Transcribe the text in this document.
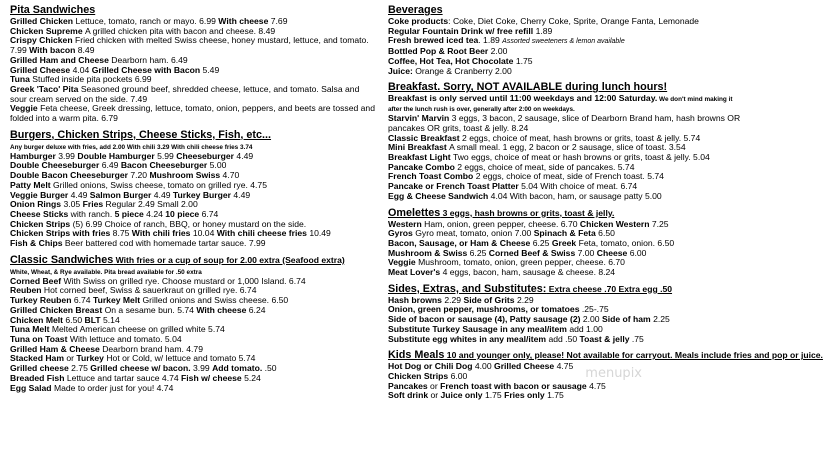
Pita Sandwiches
Grilled Chicken Lettuce, tomato, ranch or mayo. 6.99 With cheese 7.69
Chicken Supreme A grilled chicken pita with bacon and cheese. 8.49
Crispy Chicken Fried chicken with melted Swiss cheese, honey mustard, lettuce, and tomato. 7.99 With bacon 8.49
Grilled Ham and Cheese Dearborn ham. 6.49
Grilled Cheese 4.04 Grilled Cheese with Bacon 5.49
Tuna Stuffed inside pita pockets 6.99
Greek 'Taco' Pita Seasoned ground beef, shredded cheese, lettuce, and tomato. Salsa and sour cream served on the side. 7.49
Veggie Feta cheese, Greek dressing, lettuce, tomato, onion, peppers, and beets are tossed and folded into a warm pita. 6.79
Burgers, Chicken Strips, Cheese Sticks, Fish, etc...
Any burger deluxe with fries, add 2.00 With chili 3.29 With chili cheese fries 3.74
Hamburger 3.99 Double Hamburger 5.99 Cheeseburger 4.49
Double Cheeseburger 6.49 Bacon Cheeseburger 5.00
Double Bacon Cheeseburger 7.20 Mushroom Swiss 4.70
Patty Melt Grilled onions, Swiss cheese, tomato on grilled rye. 4.75
Veggie Burger 4.49 Salmon Burger 4.49 Turkey Burger 4.49
Onion Rings 3.05 Fries Regular 2.49 Small 2.00
Cheese Sticks with ranch. 5 piece 4.24 10 piece 6.74
Chicken Strips (5) 6.99 Choice of ranch, BBQ, or honey mustard on the side.
Chicken Strips with fries 8.75 With chili fries 10.04 With chili cheese fries 10.49
Fish & Chips Beer battered cod with homemade tartar sauce. 7.99
Classic Sandwiches With fries or a cup of soup for 2.00 extra (Seafood extra)
White, Wheat, & Rye available. Pita bread available for .50 extra
Corned Beef With Swiss on grilled rye. Choose mustard or 1,000 Island. 6.74
Reuben Hot corned beef, Swiss & sauerkraut on grilled rye. 6.74
Turkey Reuben 6.74 Turkey Melt Grilled onions and Swiss cheese. 6.50
Grilled Chicken Breast On a sesame bun. 5.74 With cheese 6.24
Chicken Melt 6.50 BLT 5.14
Tuna Melt Melted American cheese on grilled white 5.74
Tuna on Toast With lettuce and tomato. 5.04
Grilled Ham & Cheese Dearborn brand ham. 4.79
Stacked Ham or Turkey Hot or Cold, w/ lettuce and tomato 5.74
Grilled cheese 2.75 Grilled cheese w/ bacon. 3.99 Add tomato. .50
Breaded Fish Lettuce and tartar sauce 4.74 Fish w/ cheese 5.24
Egg Salad Made to order just for you! 4.74
Beverages
Coke products: Coke, Diet Coke, Cherry Coke, Sprite, Orange Fanta, Lemonade
Regular Fountain Drink w/ free refill 1.89
Fresh brewed iced tea. 1.89 Assorted sweeteners & lemon available
Bottled Pop & Root Beer 2.00
Coffee, Hot Tea, Hot Chocolate 1.75
Juice: Orange & Cranberry 2.00
Breakfast. Sorry, NOT AVAILABLE during lunch hours!
Breakfast is only served until 11:00 weekdays and 12:00 Saturday. We don't mind making it after the lunch rush is over, generally after 2:00 on weekdays.
Starvin' Marvin 3 eggs, 3 bacon, 2 sausage, slice of Dearborn Brand ham, hash browns OR pancakes OR grits, toast & jelly. 8.24
Classic Breakfast 2 eggs, choice of meat, hash browns or grits, toast & jelly. 5.74
Mini Breakfast A small meal. 1 egg, 2 bacon or 2 sausage, slice of toast. 3.54
Breakfast Light Two eggs, choice of meat or hash browns or grits, toast & jelly. 5.04
Pancake Combo 2 eggs, choice of meat, side of pancakes. 5.74
French Toast Combo 2 eggs, choice of meat, side of French toast. 5.74
Pancake or French Toast Platter 5.04 With choice of meat. 6.74
Egg & Cheese Sandwich 4.04 With bacon, ham, or sausage patty 5.00
Omelettes 3 eggs, hash browns or grits, toast & jelly.
Western Ham, onion, green pepper, cheese. 6.70 Chicken Western 7.25
Gyros Gyro meat, tomato, onion 7.00 Spinach & Feta 6.50
Bacon, Sausage, or Ham & Cheese 6.25 Greek Feta, tomato, onion. 6.50
Mushroom & Swiss 6.25 Corned Beef & Swiss 7.00 Cheese 6.00
Veggie Mushroom, tomato, onion, green pepper, cheese. 6.70
Meat Lover's 4 eggs, bacon, ham, sausage & cheese. 8.24
Sides, Extras, and Substitutes: Extra cheese .70 Extra egg .50
Hash browns 2.29 Side of Grits 2.29
Onion, green pepper, mushrooms, or tomatoes .25-.75
Side of bacon or sausage (4), Patty sausage (2) 2.00 Side of ham 2.25
Substitute Turkey Sausage in any meal/item add 1.00
Substitute egg whites in any meal/item add .50 Toast & jelly .75
Kids Meals 10 and younger only, please! Not available for carryout. Meals include fries and pop or juice.
Hot Dog or Chili Dog 4.00 Grilled Cheese 4.75
Chicken Strips 6.00
Pancakes or French toast with bacon or sausage 4.75
Soft drink or Juice only 1.75 Fries only 1.75
menupix
